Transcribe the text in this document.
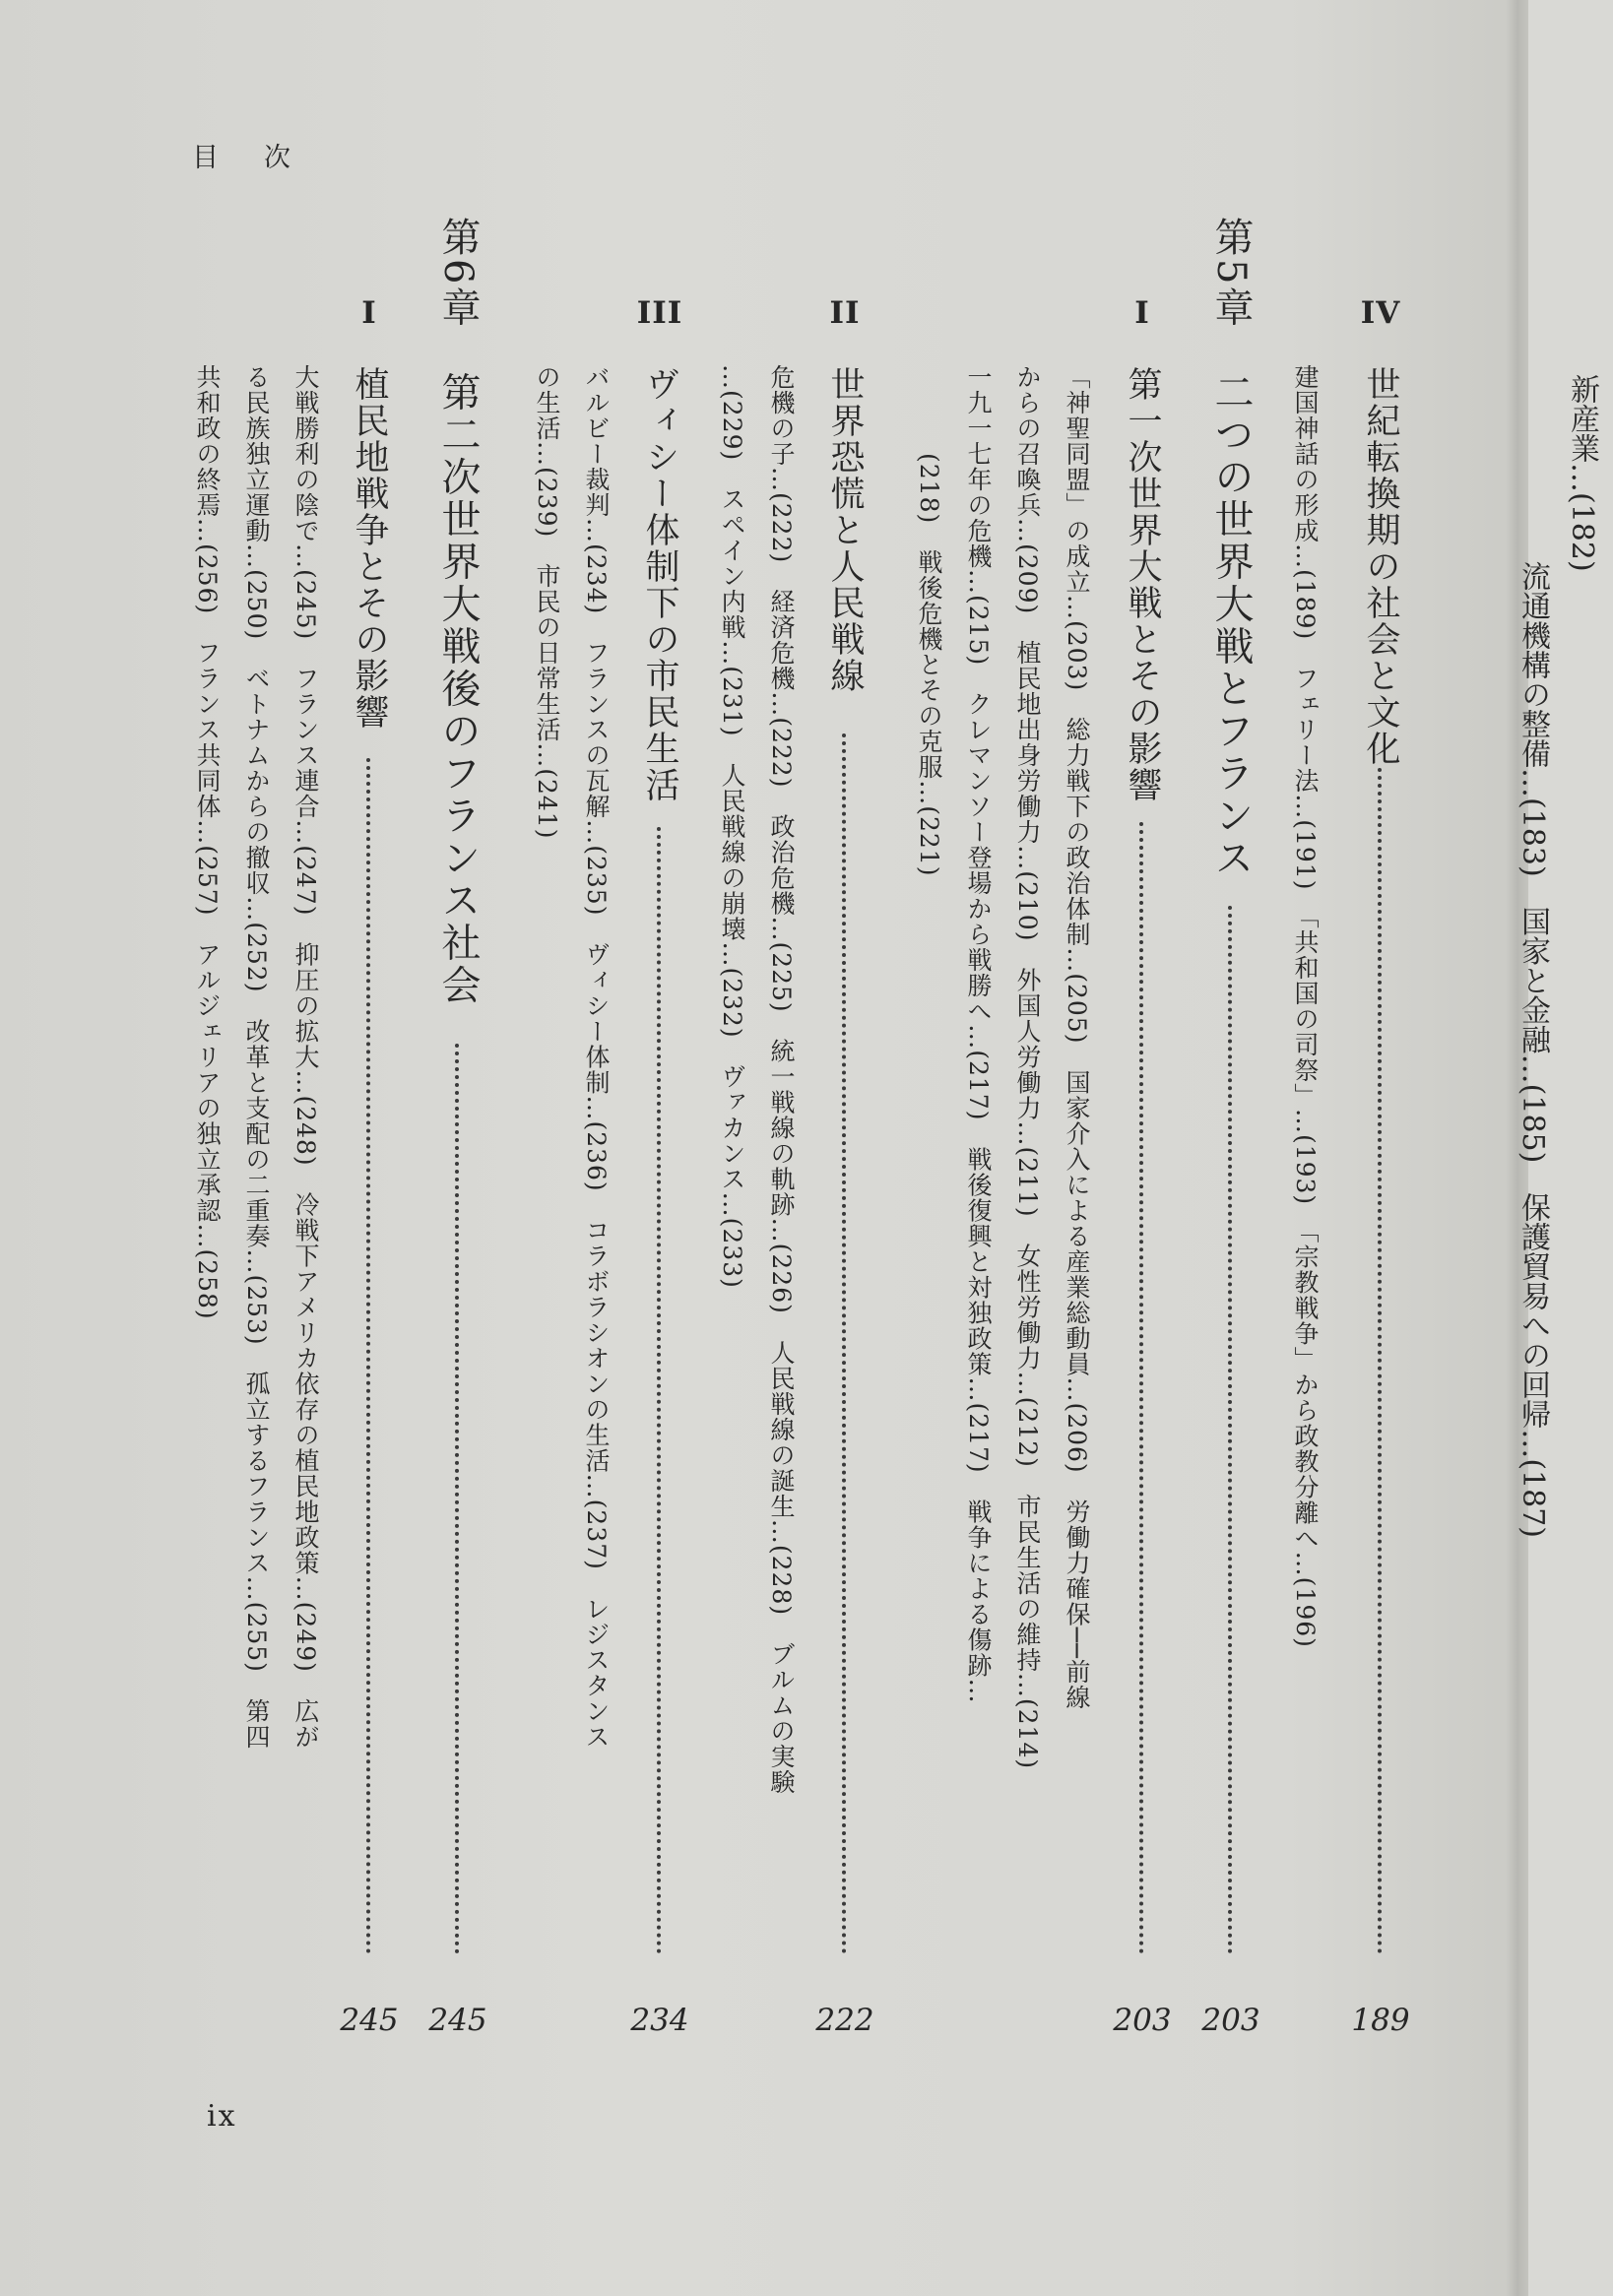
目次
IV
世紀転換期の社会と文化
189
建国神話の形成…(189)　フェリー法…(191)　「共和国の司祭」…(193)　「宗教戦争」から政教分離へ…(196)
第5章　二つの世界大戦とフランス
203
I
第一次世界大戦とその影響
203
「神聖同盟」の成立…(203)　総力戦下の政治体制…(205)　国家介入による産業総動員…(206)　労働力確保──前線
からの召喚兵…(209)　植民地出身労働力…(210)　外国人労働力…(211)　女性労働力…(212)　市民生活の維持…(214)
一九一七年の危機…(215)　クレマンソー登場から戦勝へ…(217)　戦後復興と対独政策…(217)　戦争による傷跡…
(218)　戦後危機とその克服…(221)
II
世界恐慌と人民戦線
222
危機の子…(222)　経済危機…(222)　政治危機…(225)　統一戦線の軌跡…(226)　人民戦線の誕生…(228)　ブルムの実験
…(229)　スペイン内戦…(231)　人民戦線の崩壊…(232)　ヴァカンス…(233)
III
ヴィシー体制下の市民生活
234
バルビー裁判…(234)　フランスの瓦解…(235)　ヴィシー体制…(236)　コラボラシオンの生活…(237)　レジスタンス
の生活…(239)　市民の日常生活…(241)
第6章　第二次世界大戦後のフランス社会
245
I
植民地戦争とその影響
245
大戦勝利の陰で…(245)　フランス連合…(247)　抑圧の拡大…(248)　冷戦下アメリカ依存の植民地政策…(249)　広が
る民族独立運動…(250)　ベトナムからの撤収…(252)　改革と支配の二重奏…(253)　孤立するフランス…(255)　第四
共和政の終焉…(256)　フランス共同体…(257)　アルジェリアの独立承認…(258)
ix
新産業…(182)
流通機構の整備…(183)　国家と金融…(185)　保護貿易への回帰…(187)
